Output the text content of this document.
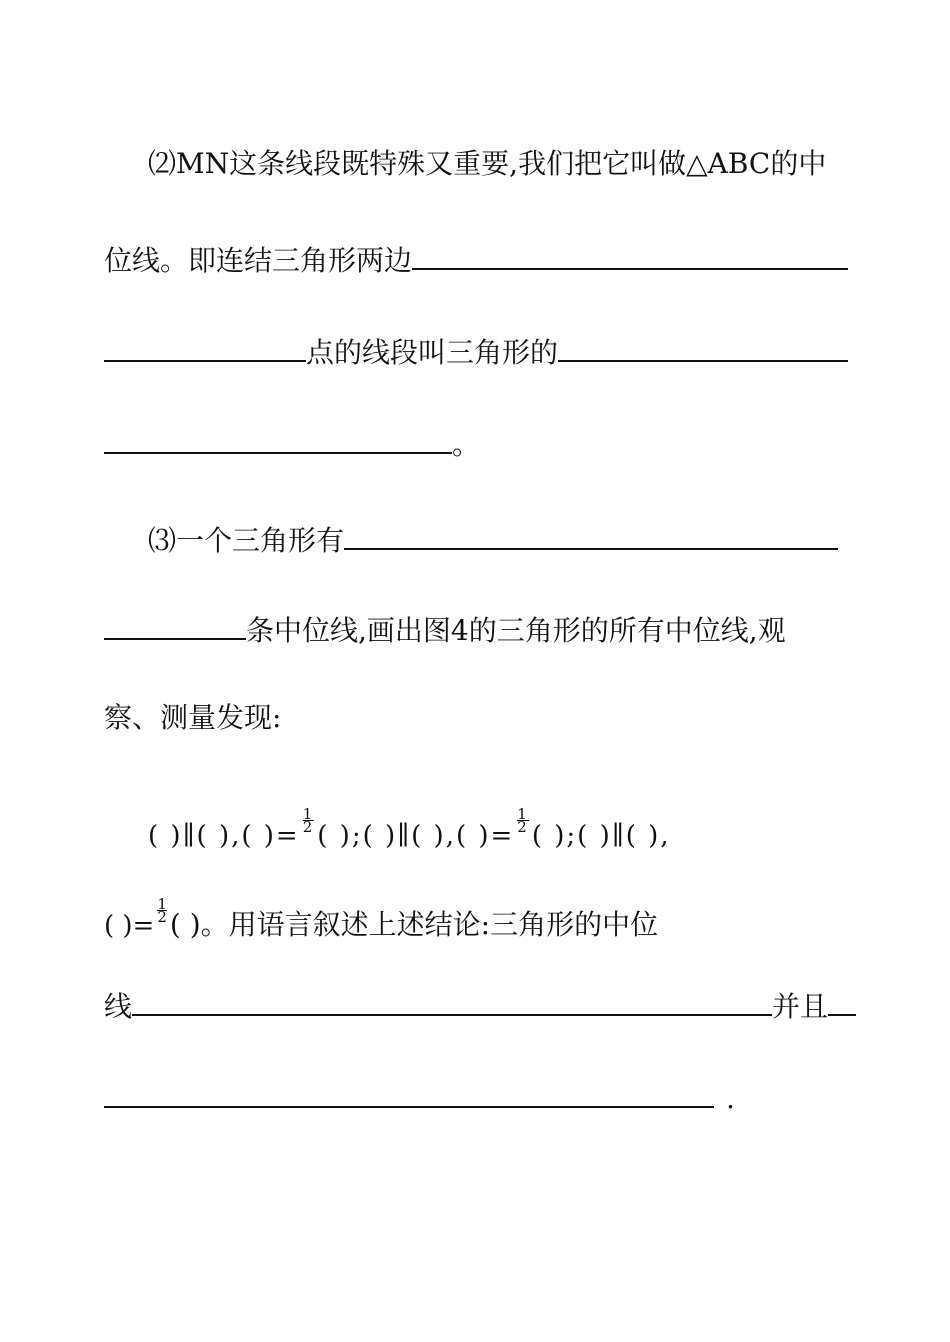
⑵MN这条线段既特殊又重要,我们把它叫做△ABC的中
位线。即连结三角形两边
点的线段叫三角形的
。
⑶一个三角形有
条中位线,画出图4的三角形的所有中位线,观
察、测量发现:
( )∥( ),( )=
$\frac{1}{2}$
( );( )∥( ),( )=
$\frac{1}{2}$
( );( )∥( ),
( )=
$\frac{1}{2}$ ( )。用语言叙述上述结论:三角形的中位
线	并且
.
